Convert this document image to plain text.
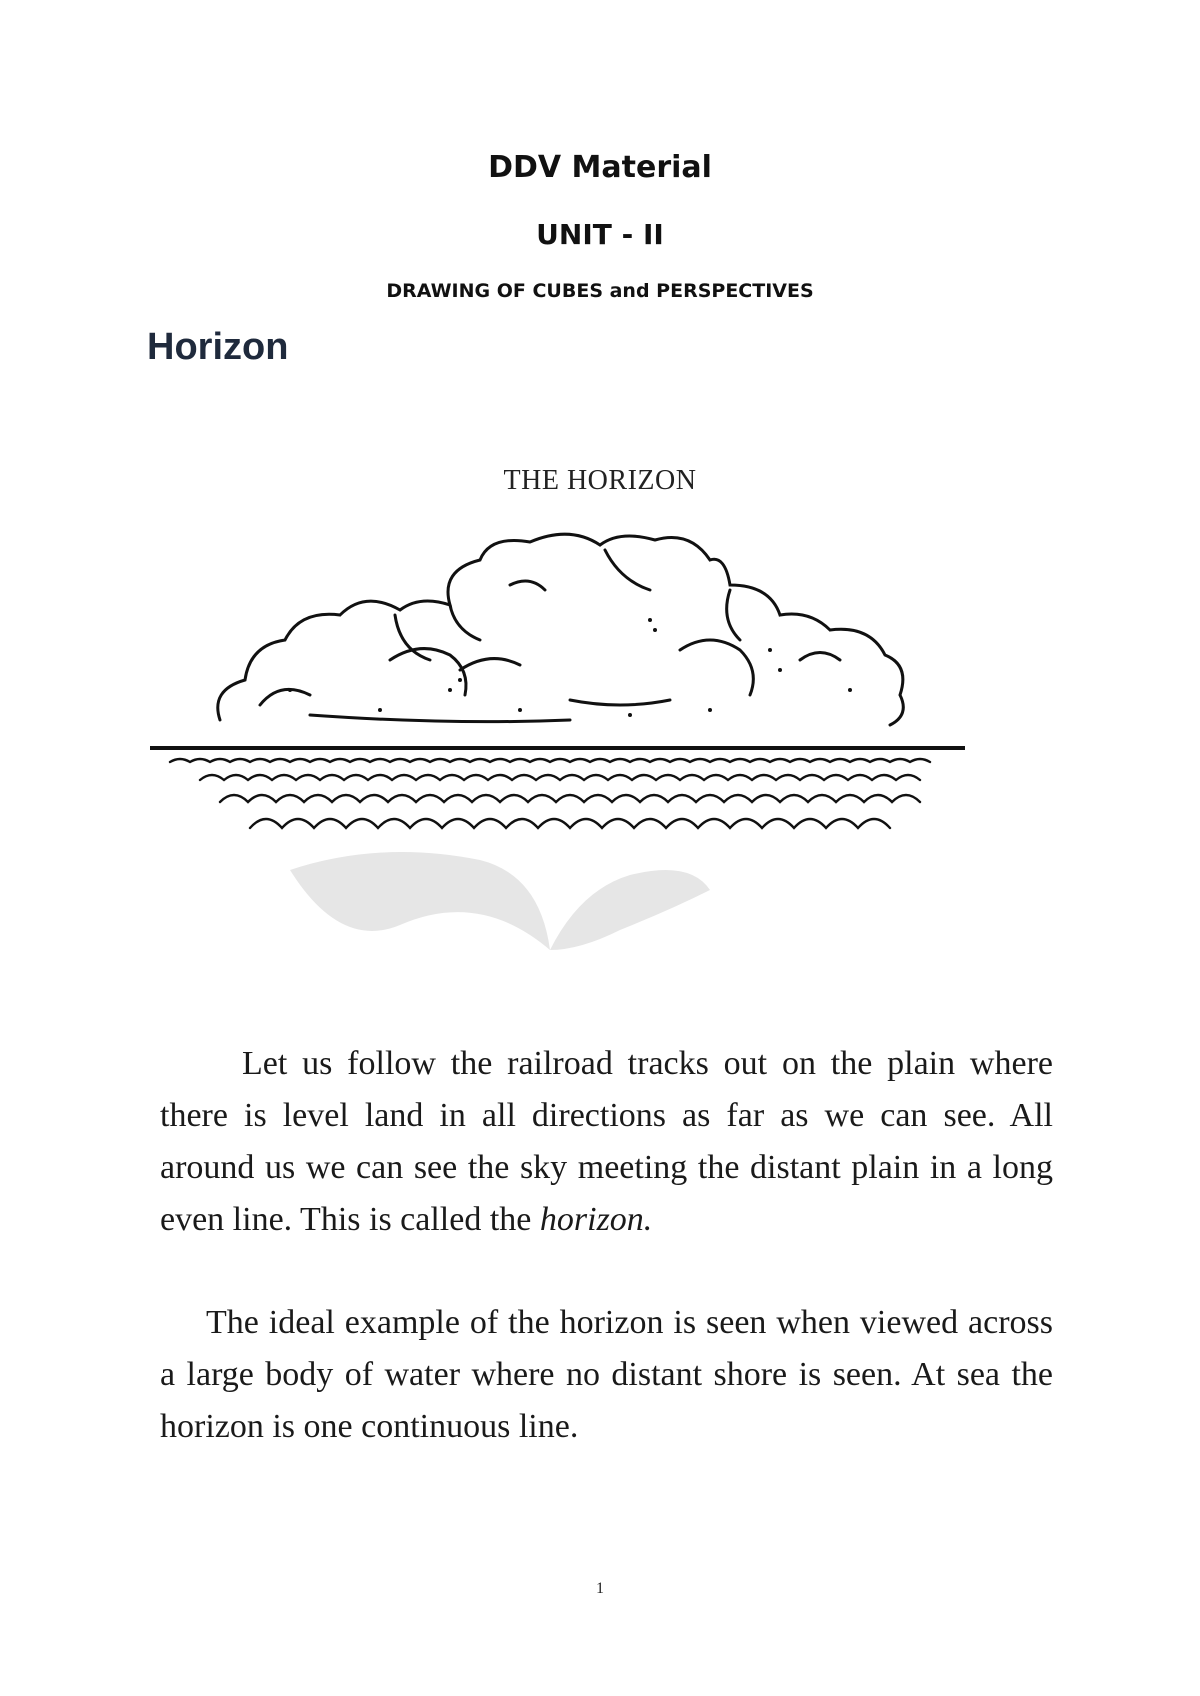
DDV Material
UNIT - II
DRAWING OF CUBES and PERSPECTIVES
Horizon
THE HORIZON

Let us follow the railroad tracks out on the plain where there is level land in all directions as far as we can see. All around us we can see the sky meeting the distant plain in a long even line. This is called the horizon.

The ideal example of the horizon is seen when viewed across a large body of water where no distant shore is seen. At sea the horizon is one continuous line.

1
